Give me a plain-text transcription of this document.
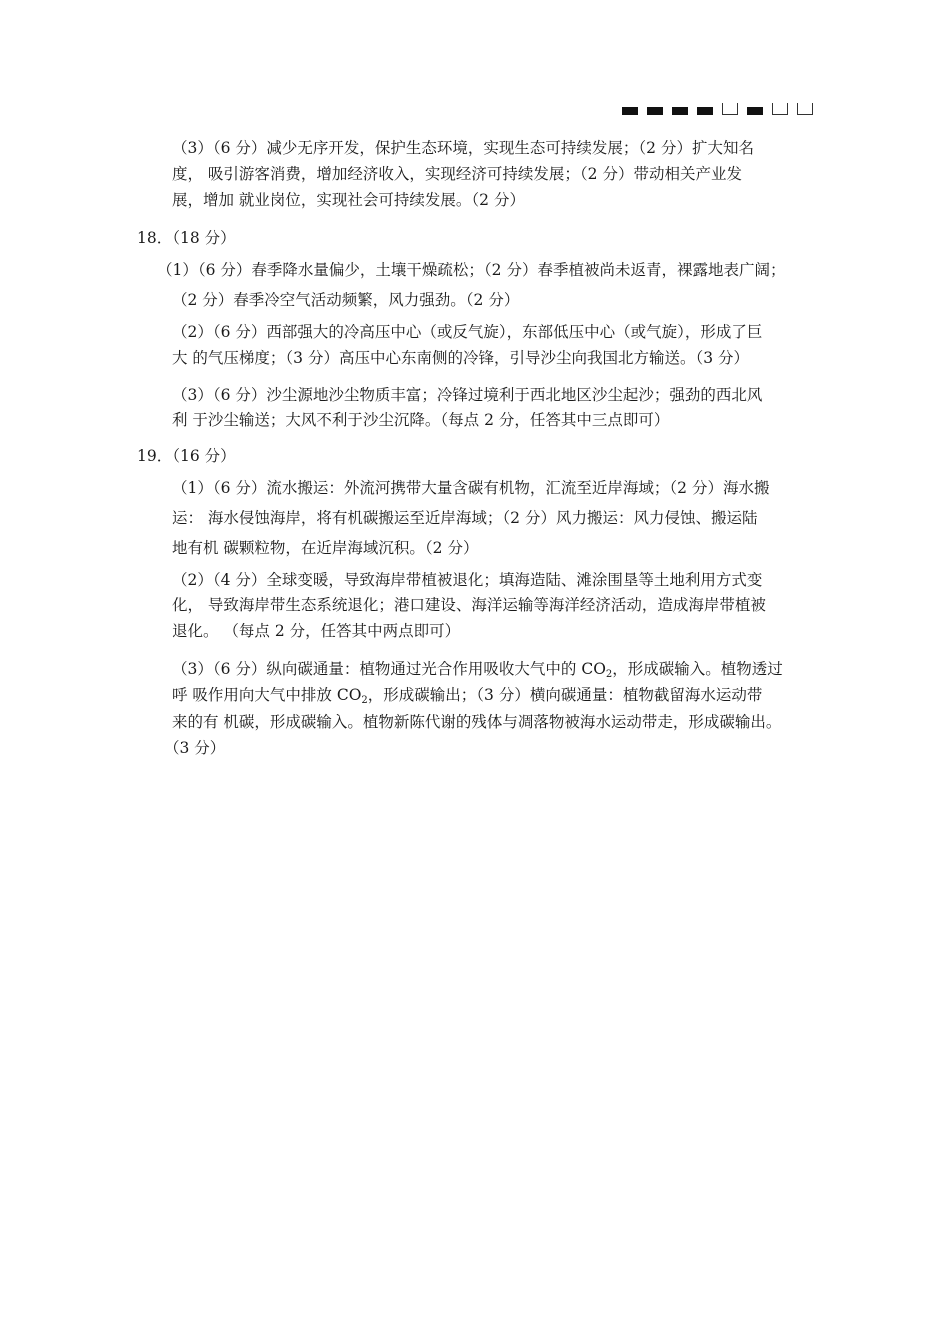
（3）（6 分）减少无序开发，保护生态环境，实现生态可持续发展；（2 分）扩大知名
度， 吸引游客消费，增加经济收入，实现经济可持续发展；（2 分）带动相关产业发
展，增加 就业岗位，实现社会可持续发展。（2 分）
18．（18 分）
（1）（6 分）春季降水量偏少，土壤干燥疏松；（2 分）春季植被尚未返青，裸露地表广阔；
（2 分）春季冷空气活动频繁，风力强劲。（2 分）
（2）（6 分）西部强大的冷高压中心（或反气旋），东部低压中心（或气旋），形成了巨
大 的气压梯度；（3 分）高压中心东南侧的冷锋，引导沙尘向我国北方输送。（3 分）
（3）（6 分）沙尘源地沙尘物质丰富；冷锋过境利于西北地区沙尘起沙；强劲的西北风
利 于沙尘输送；大风不利于沙尘沉降。（每点 2 分，任答其中三点即可）
19．（16 分）
（1）（6 分）流水搬运：外流河携带大量含碳有机物，汇流至近岸海域；（2 分）海水搬
运： 海水侵蚀海岸，将有机碳搬运至近岸海域；（2 分）风力搬运：风力侵蚀、搬运陆
地有机 碳颗粒物，在近岸海域沉积。（2 分）
（2）（4 分）全球变暖，导致海岸带植被退化；填海造陆、滩涂围垦等土地利用方式变
化， 导致海岸带生态系统退化；港口建设、海洋运输等海洋经济活动，造成海岸带植被
退化。 （每点 2 分，任答其中两点即可）
（3）（6 分）纵向碳通量：植物通过光合作用吸收大气中的 $CO_2$，形成碳输入。植物透过
呼 吸作用向大气中排放 $CO_2$，形成碳输出；（3 分）横向碳通量：植物截留海水运动带
来的有 机碳，形成碳输入。植物新陈代谢的残体与凋落物被海水运动带走，形成碳输出。
（3 分）
